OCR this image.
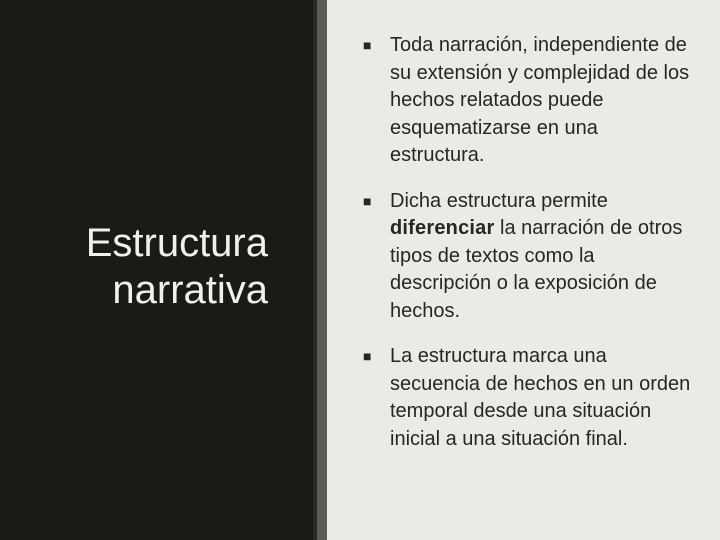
Estructura
narrativa
■ Toda narración, independiente de su extensión y complejidad de los hechos relatados puede esquematizarse en una estructura.
■ Dicha estructura permite diferenciar la narración de otros tipos de textos como la descripción o la exposición de hechos.
■ La estructura marca una secuencia de hechos en un orden temporal desde una situación inicial a una situación final.
